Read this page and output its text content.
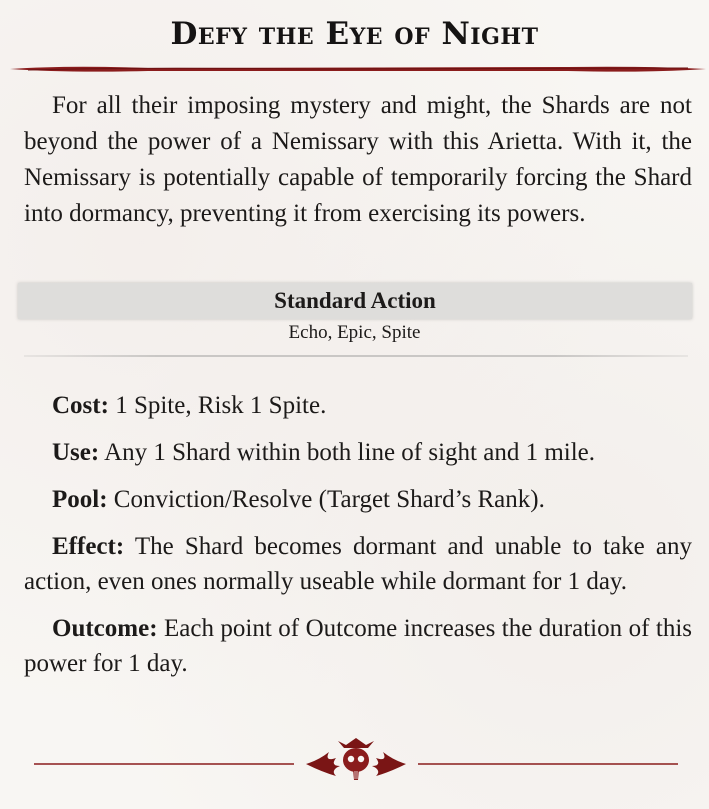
Defy the Eye of Night

For all their imposing mystery and might, the Shards are not beyond the power of a Nemissary with this Arietta. With it, the Nemissary is potentially capable of temporarily forcing the Shard into dormancy, preventing it from exercising its powers.

Standard Action
Echo, Epic, Spite

Cost: 1 Spite, Risk 1 Spite.

Use: Any 1 Shard within both line of sight and 1 mile.

Pool: Conviction/Resolve (Target Shard’s Rank).

Effect: The Shard becomes dormant and unable to take any action, even ones normally useable while dormant for 1 day.

Outcome: Each point of Outcome increases the duration of this power for 1 day.
